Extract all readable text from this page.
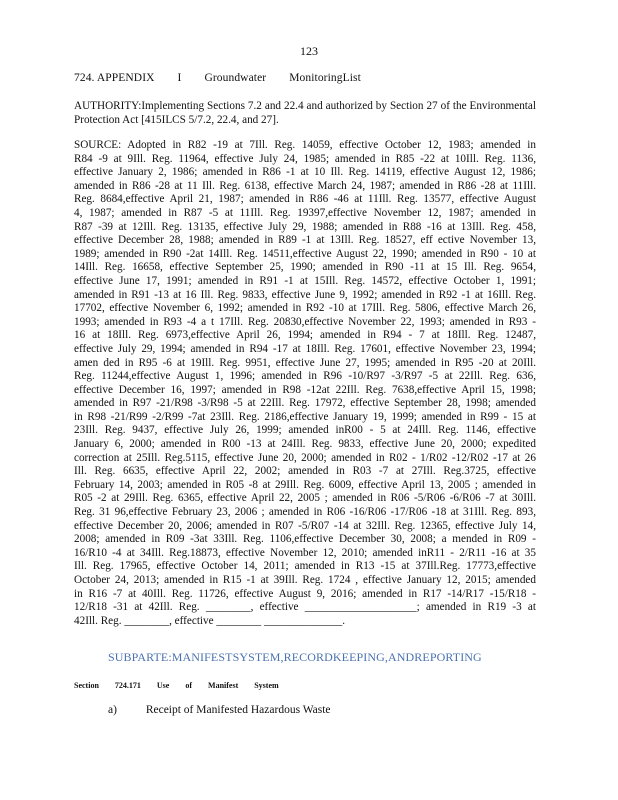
123
724. APPENDIX I Groundwater MonitoringList
AUTHORITY:Implementing Sections 7.2 and 22.4 and authorized by Section 27 of the Environmental Protection Act [415ILCS 5/7.2, 22.4, and 27].
SOURCE: Adopted in R82 -19 at 7Ill. Reg. 14059, effective October 12, 1983; amended in
R84 -9 at 9Ill. Reg. 11964, effective July 24, 1985; amended in R85 -22 at 10Ill. Reg. 1136,
effective January 2, 1986; amended in R86 -1 at 10 Ill. Reg. 14119, effective August 12, 1986;
amended in R86 -28 at 11 Ill. Reg. 6138, effective March 24, 1987; amended in R86 -28 at 11Ill.
Reg. 8684,effective April 21, 1987; amended in R86 -46 at 11Ill. Reg. 13577, effective August
4, 1987; amended in R87 -5 at 11Ill. Reg. 19397,effective November 12, 1987; amended in
R87 -39 at 12Ill. Reg. 13135, effective July 29, 1988; amended in R88 -16 at 13Ill. Reg. 458,
effective December 28, 1988; amended in R89 -1 at 13Ill. Reg. 18527, eff ective November 13,
1989; amended in R90 -2at 14Ill. Reg. 14511,effective August 22, 1990; amended in R90 - 10 at
14Ill. Reg. 16658, effective September 25, 1990; amended in R90 -11 at 15 Ill. Reg. 9654,
effective June 17, 1991; amended in R91 -1 at 15Ill. Reg. 14572, effective October 1, 1991;
amended in R91 -13 at 16 Ill. Reg. 9833, effective June 9, 1992; amended in R92 -1 at 16Ill. Reg.
17702, effective November 6, 1992; amended in R92 -10 at 17Ill. Reg. 5806, effective March 26,
1993; amended in R93 -4 a t 17Ill. Reg. 20830,effective November 22, 1993; amended in R93 -
16 at 18Ill. Reg. 6973,effective April 26, 1994; amended in R94 - 7 at 18Ill. Reg. 12487,
effective July 29, 1994; amended in R94 -17 at 18Ill. Reg. 17601, effective November 23, 1994;
amen ded in R95 -6 at 19Ill. Reg. 9951, effective June 27, 1995; amended in R95 -20 at 20Ill.
Reg. 11244,effective August 1, 1996; amended in R96 -10/R97 -3/R97 -5 at 22Ill. Reg. 636,
effective December 16, 1997; amended in R98 -12at 22Ill. Reg. 7638,effective April 15, 1998;
amended in R97 -21/R98 -3/R98 -5 at 22Ill. Reg. 17972, effective September 28, 1998; amended
in R98 -21/R99 -2/R99 -7at 23Ill. Reg. 2186,effective January 19, 1999; amended in R99 - 15 at
23Ill. Reg. 9437, effective July 26, 1999; amended inR00 - 5 at 24Ill. Reg. 1146, effective
January 6, 2000; amended in R00 -13 at 24Ill. Reg. 9833, effective June 20, 2000; expedited
correction at 25Ill. Reg.5115, effective June 20, 2000; amended in R02 - 1/R02 -12/R02 -17 at 26
Ill. Reg. 6635, effective April 22, 2002; amended in R03 -7 at 27Ill. Reg.3725, effective
February 14, 2003; amended in R05 -8 at 29Ill. Reg. 6009, effective April 13, 2005 ; amended in
R05 -2 at 29Ill. Reg. 6365, effective April 22, 2005 ; amended in R06 -5/R06 -6/R06 -7 at 30Ill.
Reg. 31 96,effective February 23, 2006 ; amended in R06 -16/R06 -17/R06 -18 at 31Ill. Reg. 893,
effective December 20, 2006; amended in R07 -5/R07 -14 at 32Ill. Reg. 12365, effective July 14,
2008; amended in R09 -3at 33Ill. Reg. 1106,effective December 30, 2008; a mended in R09 -
16/R10 -4 at 34Ill. Reg.18873, effective November 12, 2010; amended inR11 - 2/R11 -16 at 35
Ill. Reg. 17965, effective October 14, 2011; amended in R13 -15 at 37Ill.Reg. 17773,effective
October 24, 2013; amended in R15 -1 at 39Ill. Reg. 1724 , effective January 12, 2015; amended
in R16 -7 at 40Ill. Reg. 11726, effective August 9, 2016; amended in R17 -14/R17 -15/R18 -
12/R18 -31 at 42Ill. Reg. ________, effective ____________________; amended in R19 -3 at
42Ill. Reg. ________, effective ________ ______________.
SUBPARTE:MANIFESTSYSTEM,RECORDKEEPING,ANDREPORTING
Section 724.171 Use of Manifest System
a)	Receipt of Manifested Hazardous Waste
